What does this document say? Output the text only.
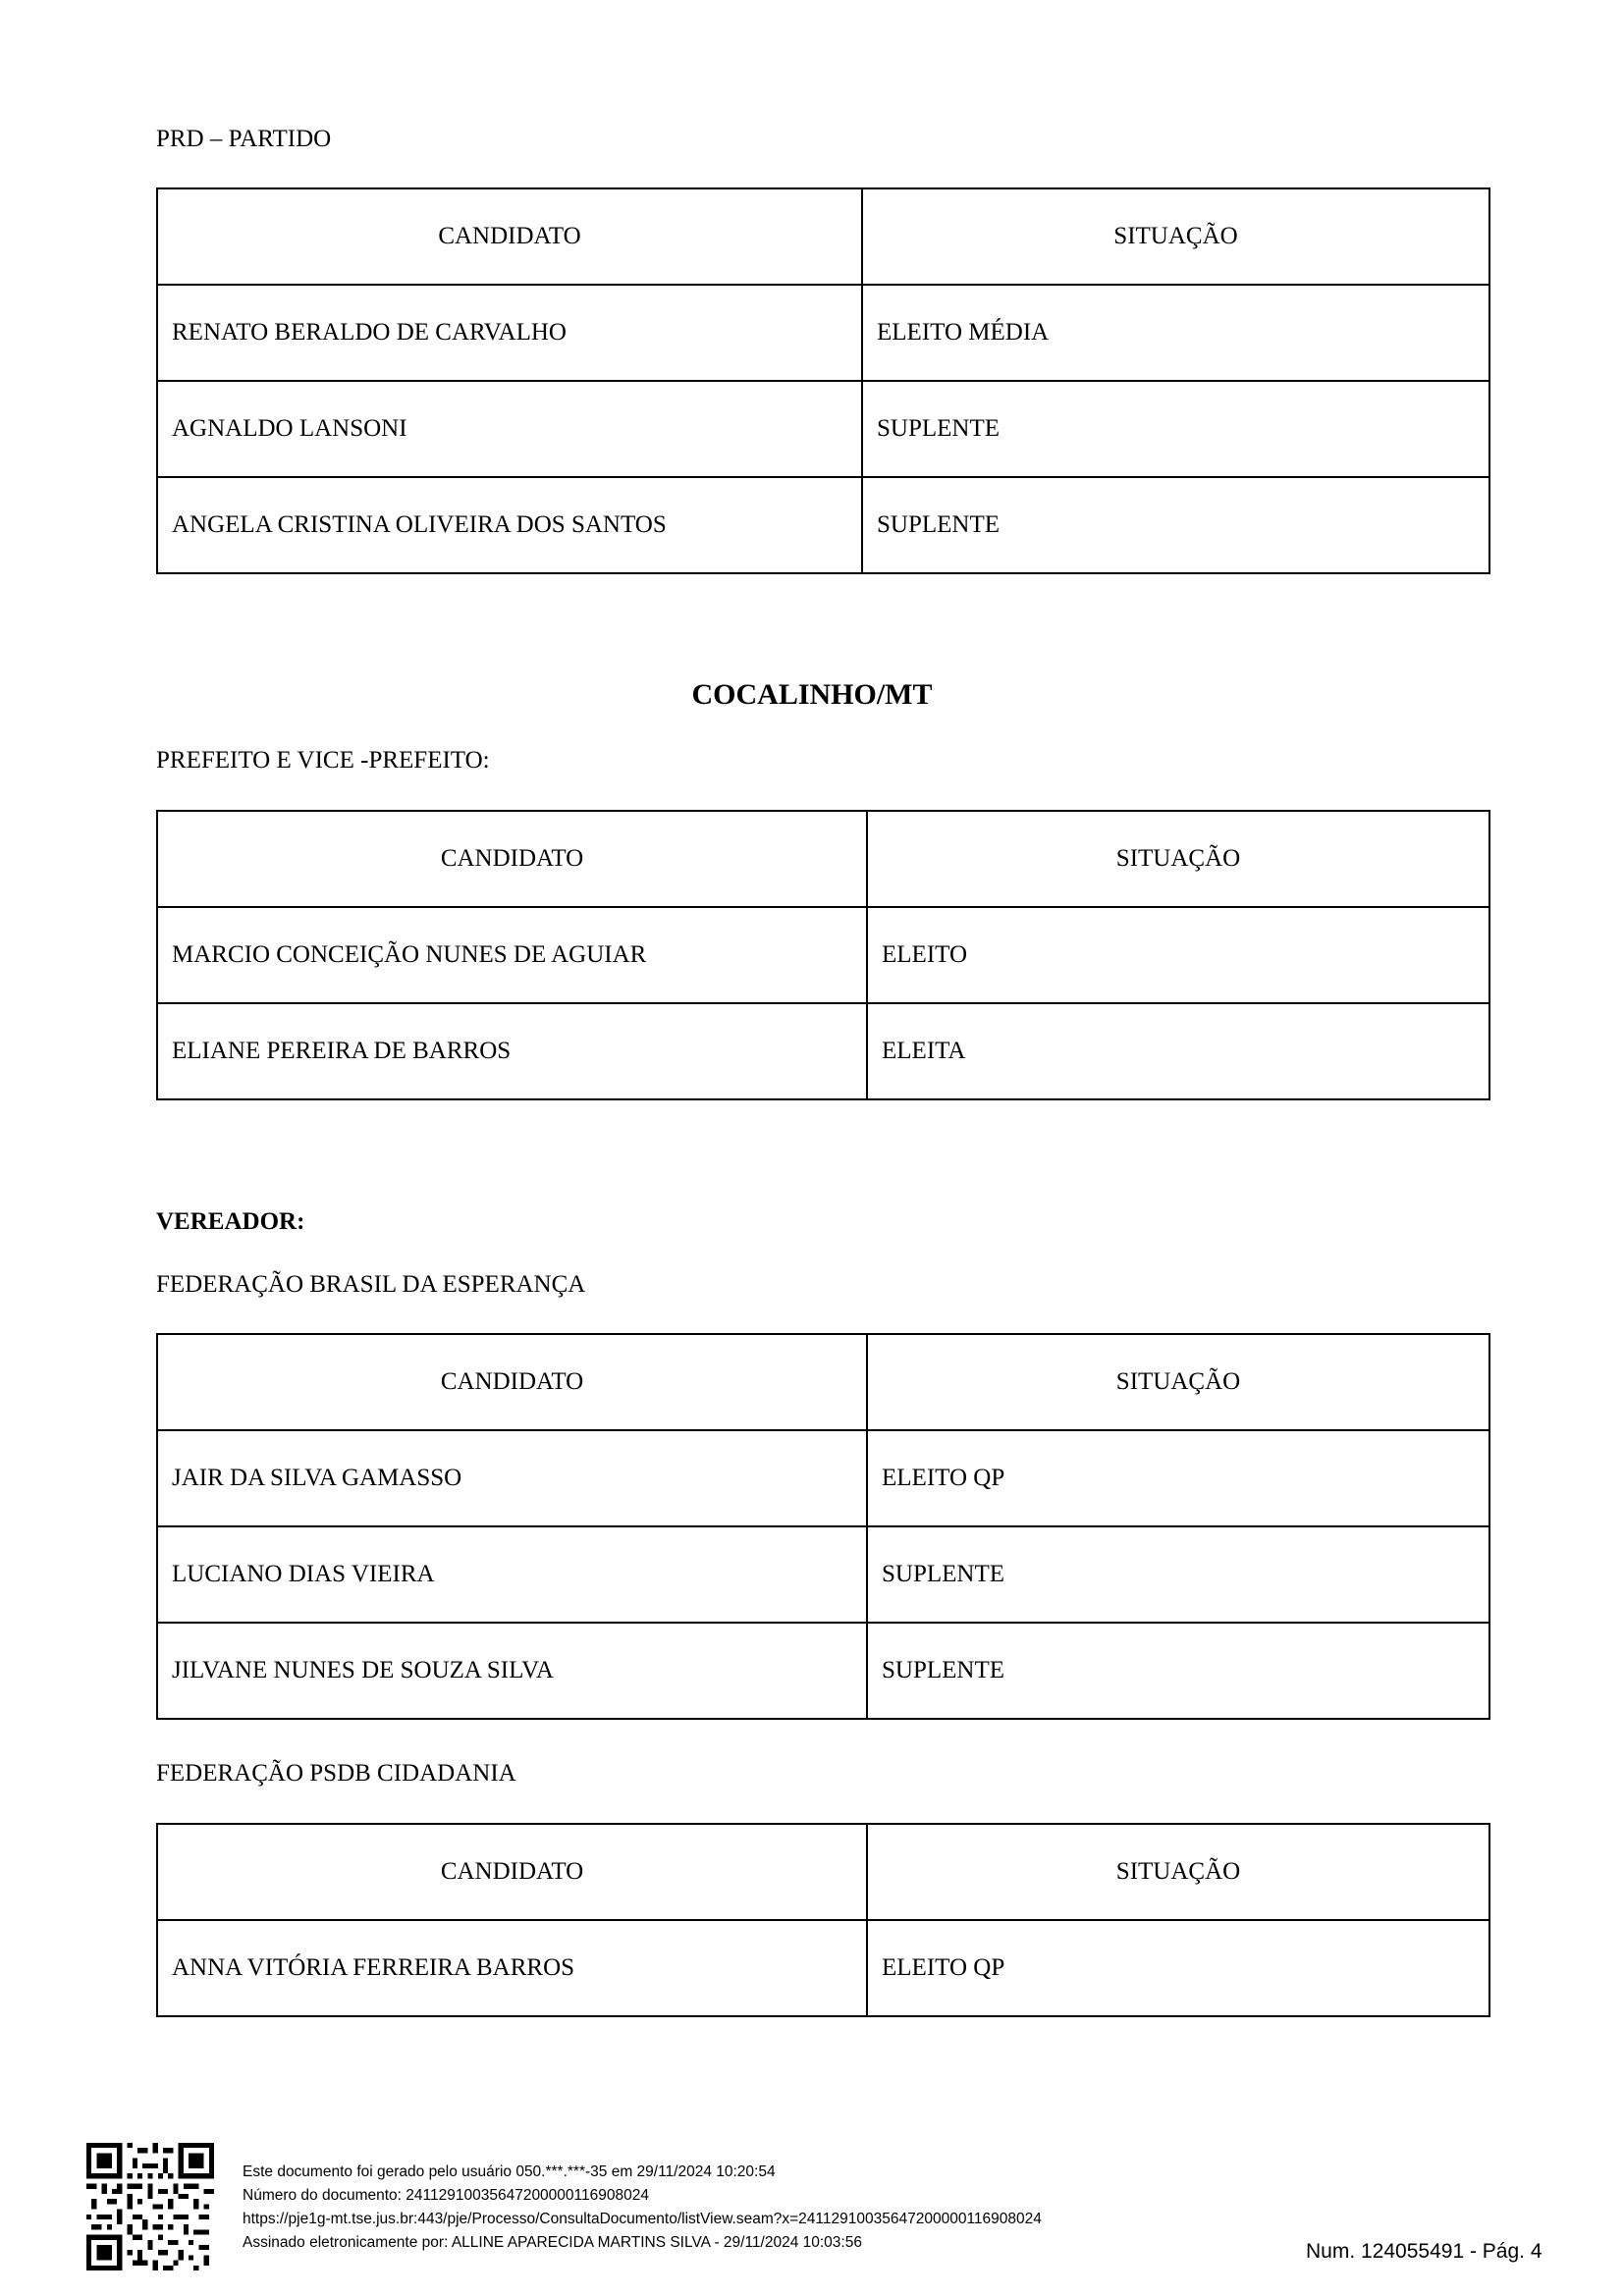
PRD – PARTIDO
CANDIDATO	SITUAÇÃO
RENATO BERALDO DE CARVALHO	ELEITO MÉDIA
AGNALDO LANSONI	SUPLENTE
ANGELA CRISTINA OLIVEIRA DOS SANTOS	SUPLENTE
COCALINHO/MT
PREFEITO E VICE -PREFEITO:
CANDIDATO	SITUAÇÃO
MARCIO CONCEIÇÃO NUNES DE AGUIAR	ELEITO
ELIANE PEREIRA DE BARROS	ELEITA
VEREADOR:
FEDERAÇÃO BRASIL DA ESPERANÇA
CANDIDATO	SITUAÇÃO
JAIR DA SILVA GAMASSO	ELEITO QP
LUCIANO DIAS VIEIRA	SUPLENTE
JILVANE NUNES DE SOUZA SILVA	SUPLENTE
FEDERAÇÃO PSDB CIDADANIA
CANDIDATO	SITUAÇÃO
ANNA VITÓRIA FERREIRA BARROS	ELEITO QP
Este documento foi gerado pelo usuário 050.***.***-35 em 29/11/2024 10:20:54
Número do documento: 24112910035647200000116908024
https://pje1g-mt.tse.jus.br:443/pje/Processo/ConsultaDocumento/listView.seam?x=24112910035647200000116908024
Assinado eletronicamente por: ALLINE APARECIDA MARTINS SILVA - 29/11/2024 10:03:56	Num. 124055491 - Pág. 4
